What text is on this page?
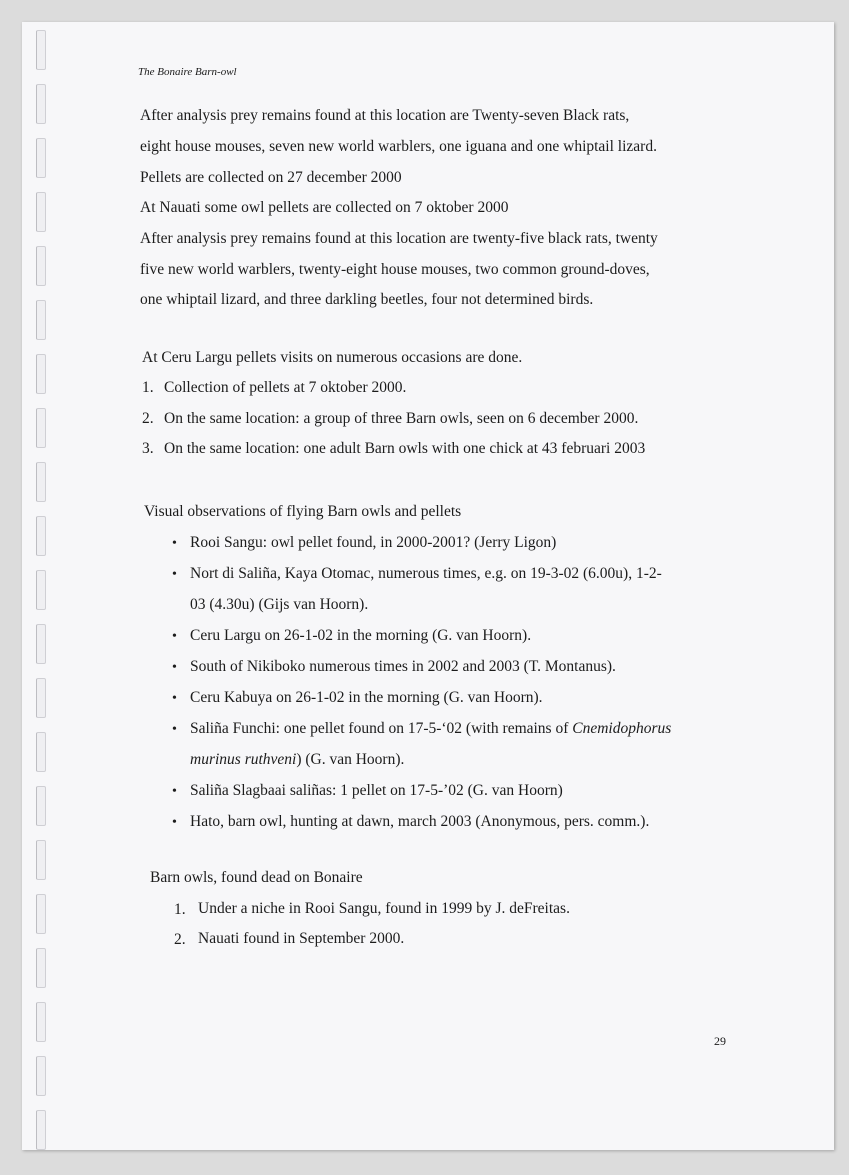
The Bonaire Barn-owl
After analysis prey remains found at this location are Twenty-seven Black rats,
eight house mouses, seven new world warblers, one iguana and one whiptail lizard.
Pellets are collected on 27 december 2000
At Nauati some owl pellets are collected on 7 oktober 2000
After analysis prey remains found at this location are twenty-five black rats, twenty
five new world warblers, twenty-eight house mouses, two common ground-doves,
one whiptail lizard, and three darkling beetles, four not determined birds.
At Ceru Largu pellets visits on numerous occasions are done.
1. Collection of pellets at 7 oktober 2000.
2. On the same location: a group of three Barn owls, seen on 6 december 2000.
3. On the same location: one adult Barn owls with one chick at 43 februari 2003
Visual observations of flying Barn owls and pellets
• Rooi Sangu: owl pellet found, in 2000-2001? (Jerry Ligon)
• Nort di Saliña, Kaya Otomac, numerous times, e.g. on 19-3-02 (6.00u), 1-2-
03 (4.30u) (Gijs van Hoorn).
• Ceru Largu on 26-1-02 in the morning (G. van Hoorn).
• South of Nikiboko numerous times in 2002 and 2003 (T. Montanus).
• Ceru Kabuya on 26-1-02 in the morning (G. van Hoorn).
• Saliña Funchi: one pellet found on 17-5-‘02 (with remains of Cnemidophorus
murinus ruthveni) (G. van Hoorn).
• Saliña Slagbaai saliñas: 1 pellet on 17-5-’02 (G. van Hoorn)
• Hato, barn owl, hunting at dawn, march 2003 (Anonymous, pers. comm.).
Barn owls, found dead on Bonaire
1. Under a niche in Rooi Sangu, found in 1999 by J. deFreitas.
2. Nauati found in September 2000.
29
